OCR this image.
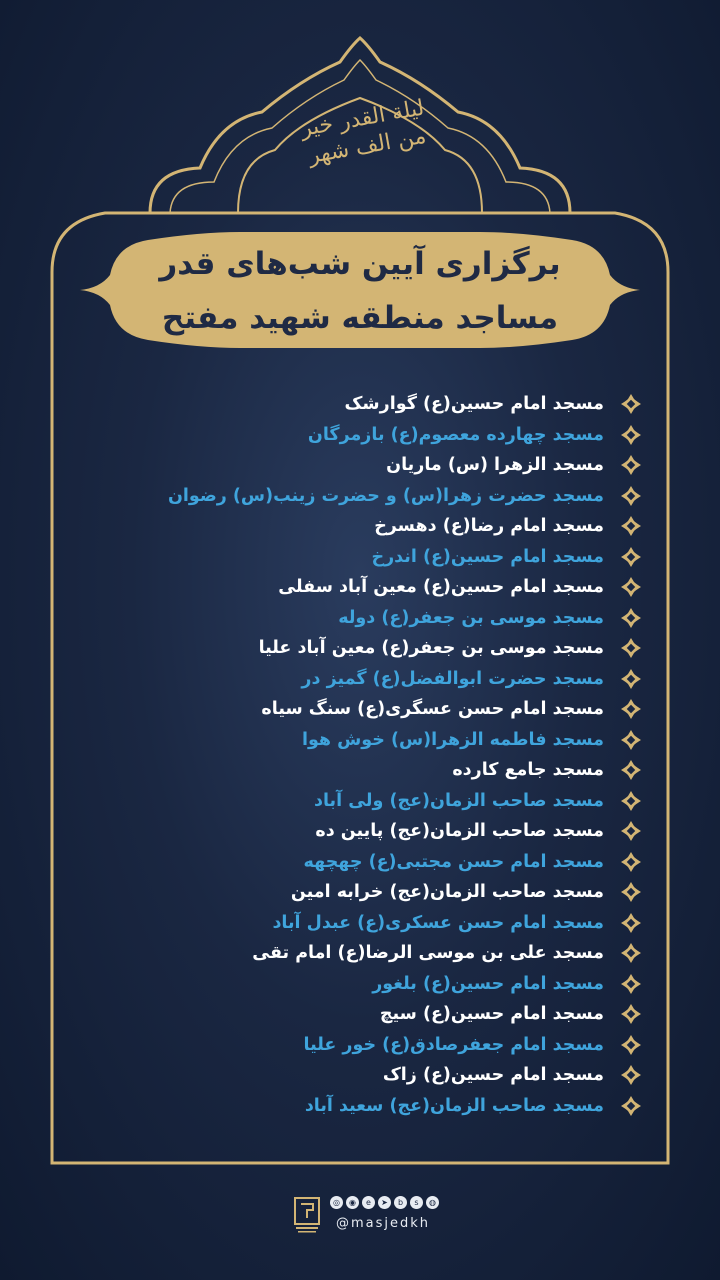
لیلة القدر خیر من الف شهر
برگزاری آیین شب‌های قدر
مساجد منطقه شهید مفتح
مسجد امام حسین(ع) گوارشک
مسجد چهارده معصوم(ع) بازمرگان
مسجد الزهرا (س) ماریان
مسجد حضرت زهرا(س) و حضرت زینب(س) رضوان
مسجد امام رضا(ع) دهسرخ
مسجد امام حسین(ع) اندرخ
مسجد امام حسین(ع) معین آباد سفلی
مسجد موسی بن جعفر(ع) دوله
مسجد موسی بن جعفر(ع) معین آباد علیا
مسجد حضرت ابوالفضل(ع) گمیز در
مسجد امام حسن عسگری(ع) سنگ سیاه
مسجد فاطمه الزهرا(س) خوش هوا
مسجد جامع کارده
مسجد صاحب الزمان(عج) ولی آباد
مسجد صاحب الزمان(عج) پایین ده
مسجد امام حسن مجتبی(ع) چهچهه
مسجد صاحب الزمان(عج) خرابه امین
مسجد امام حسن عسکری(ع) عبدل آباد
مسجد علی بن موسی الرضا(ع) امام تقی
مسجد امام حسین(ع) بلغور
مسجد امام حسین(ع) سیچ
مسجد امام جعفرصادق(ع) خور علیا
مسجد امام حسین(ع) زاک
مسجد صاحب الزمان(عج) سعید آباد
◎	◉	e	➤	b	s	◍
@masjedkh
